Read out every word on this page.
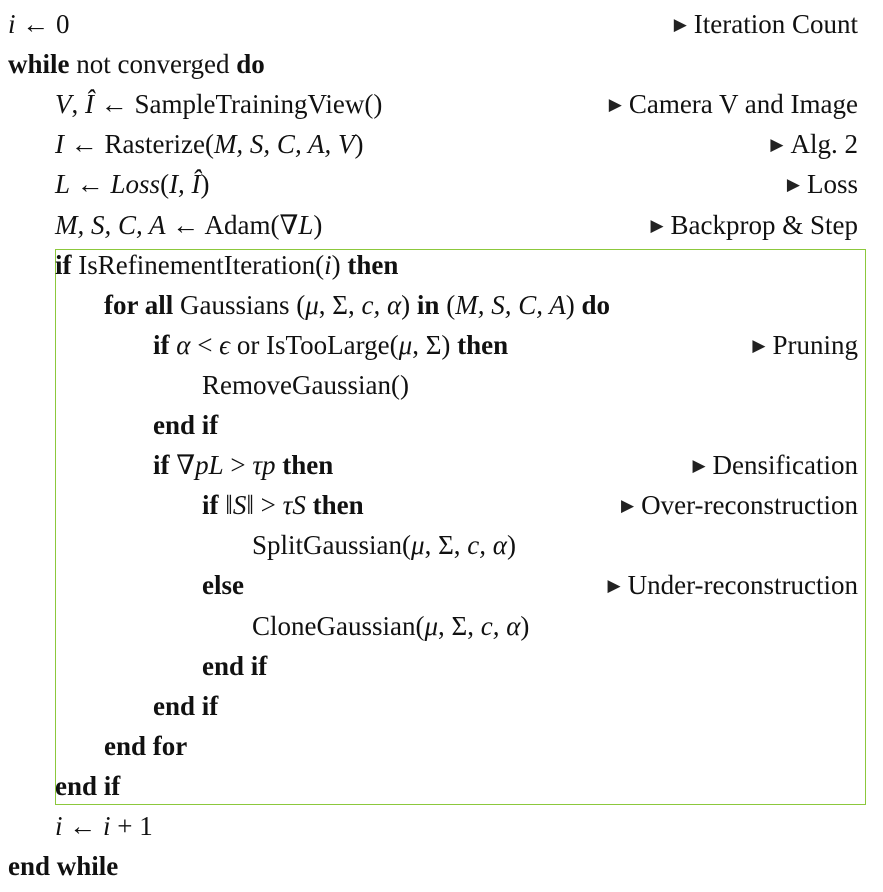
i ← 0	▶ Iteration Count
while not converged do
V, Î ← SampleTrainingView()	▶ Camera V and Image
I ← Rasterize(M, S, C, A, V)	▶ Alg. 2
L ← Loss(I, Î)	▶ Loss
M, S, C, A ← Adam(∇L)	▶ Backprop & Step
if IsRefinementIteration(i) then
for all Gaussians (μ, Σ, c, α) in (M, S, C, A) do
if α < ϵ or IsTooLarge(μ, Σ) then	▶ Pruning
RemoveGaussian()
end if
if ∇pL > τp then	▶ Densification
if ‖S‖ > τS then	▶ Over-reconstruction
SplitGaussian(μ, Σ, c, α)
else	▶ Under-reconstruction
CloneGaussian(μ, Σ, c, α)
end if
end if
end for
end if
i ← i + 1
end while
